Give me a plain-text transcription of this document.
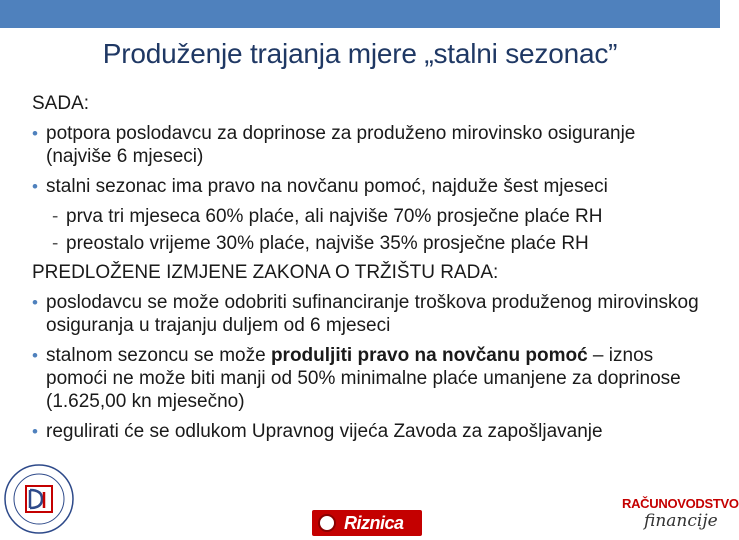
Produženje trajanja mjere „stalni sezonac”
SADA:
• potpora poslodavcu za doprinose za produženo mirovinsko osiguranje (najviše 6 mjeseci)
• stalni sezonac ima pravo na novčanu pomoć, najduže šest mjeseci
- prva tri mjeseca 60% plaće, ali najviše 70% prosječne plaće RH
- preostalo vrijeme 30% plaće, najviše 35% prosječne plaće RH
PREDLOŽENE IZMJENE ZAKONA O TRŽIŠTU RADA:
• poslodavcu se može odobriti sufinanciranje troškova produženog mirovinskog osiguranja u trajanju duljem od 6 mjeseci
• stalnom sezoncu se može produljiti pravo na novčanu pomoć – iznos pomoći ne može biti manji od 50% minimalne plaće umanjene za doprinose (1.625,00 kn mjesečno)
• regulirati će se odlukom Upravnog vijeća Zavoda za zapošljavanje
Riznica
RAČUNOVODSTVO
financije
